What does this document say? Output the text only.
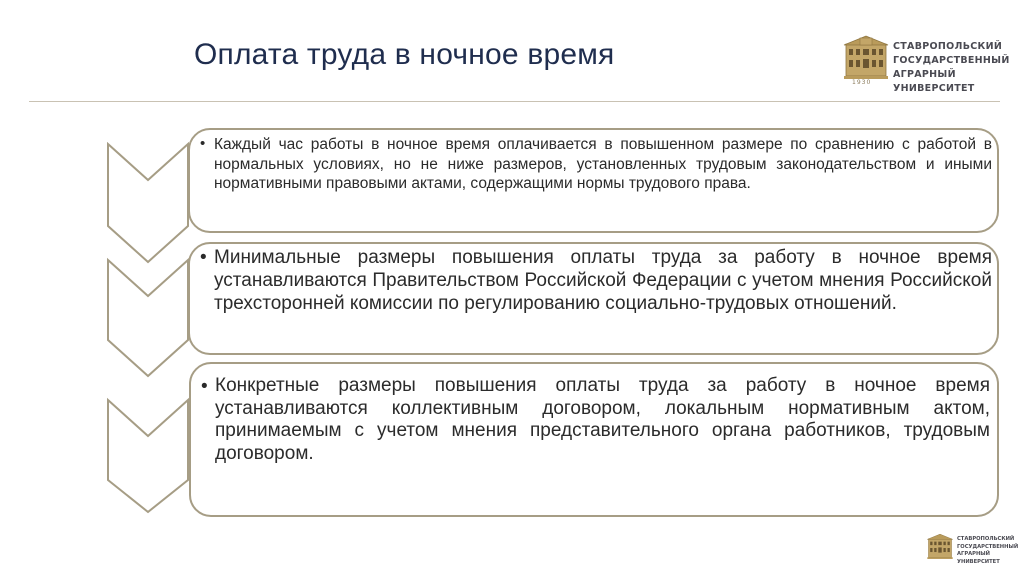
Оплата труда в ночное время
1930
СТАВРОПОЛЬСКИЙ
ГОСУДАРСТВЕННЫЙ
АГРАРНЫЙ УНИВЕРСИТЕТ
• Каждый час работы в ночное время оплачивается в повышенном размере по сравнению с работой в нормальных условиях, но не ниже размеров, установленных трудовым законодательством и иными нормативными правовыми актами, содержащими нормы трудового права.

• Минимальные размеры повышения оплаты труда за работу в ночное время устанавливаются Правительством Российской Федерации с учетом мнения Российской трехсторонней комиссии по регулированию социально-трудовых отношений.

• Конкретные размеры повышения оплаты труда за работу в ночное время устанавливаются коллективным договором, локальным нормативным актом, принимаемым с учетом мнения представительного органа работников, трудовым договором.

СТАВРОПОЛЬСКИЙ
ГОСУДАРСТВЕННЫЙ
АГРАРНЫЙ УНИВЕРСИТЕТ
